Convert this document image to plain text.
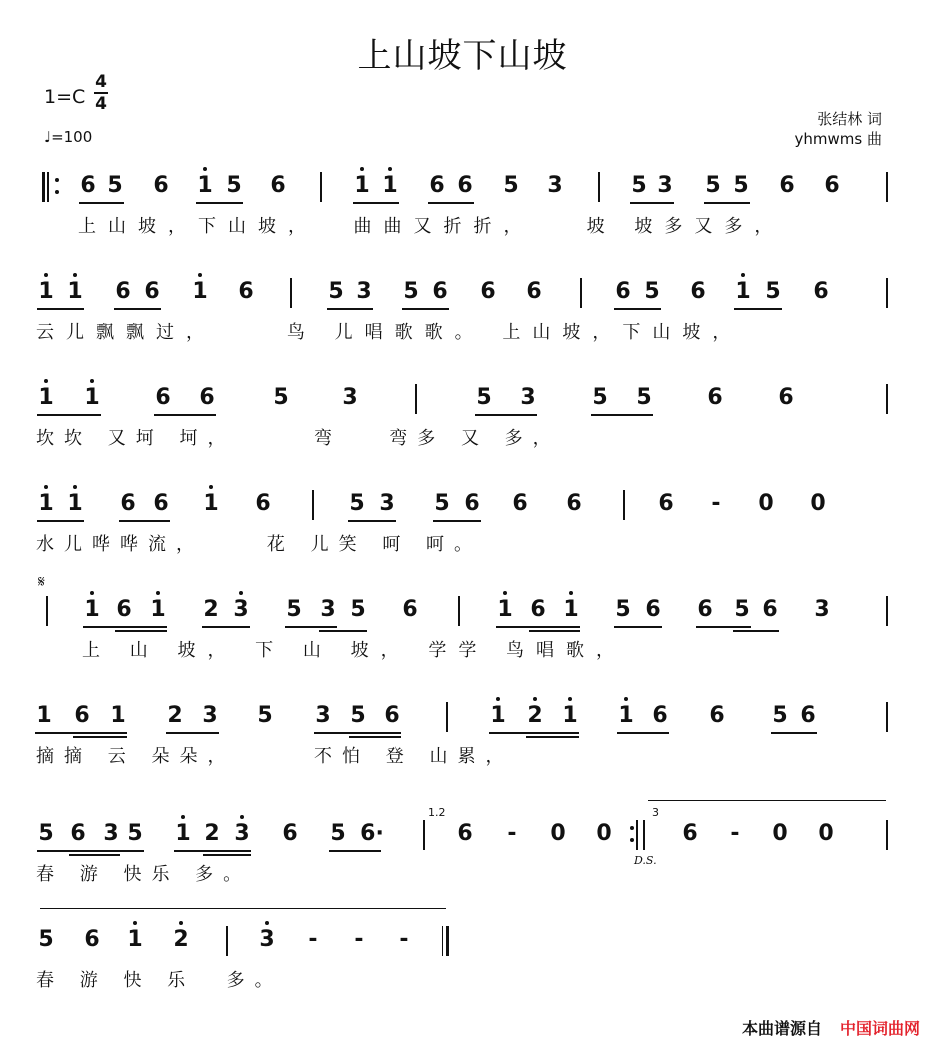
上山坡下山坡
1=C
4
4
♩=100
张结林 词
yhmwms 曲
6 5 6 1 5 6	1 1 6 6 5 3	5 3 5 5 6 6
上山坡，下山坡，  曲曲又折折，   坡 坡多又多，
1 1 6 6 1 6	5 3 5 6 6 6	6 5 6 1 5 6
云儿飘飘过，    鸟 儿唱歌歌。 上山坡，下山坡，
1 1	6 6	5 3	5 3	5 5	6	6
坎坎 又坷 坷，     弯   弯多 又 多，
1 1 6 6 1 6	5 3 5 6 6 6	6 - 0 0
水儿哗哗流，    花 儿笑 呵 呵。
1 6 1 2 3 5 3 5 6	1 6 1 5 6 6 5 6 3
上 山 坡， 下 山 坡， 学学 鸟唱歌，
1 6 1 2 3 5 3 5 6	1 2 1 1 6 6 5 6
摘摘 云 朵朵，     不怕 登 山累，
5 6 3 5 1 2 3 6 5 6·	6 - 0 0	6 - 0 0
D.S.
1.2	3
春 游 快乐 多。
5 6 1 2	3 - - -
春 游 快 乐  多。
𝄋
本曲谱源自 中国词曲网
